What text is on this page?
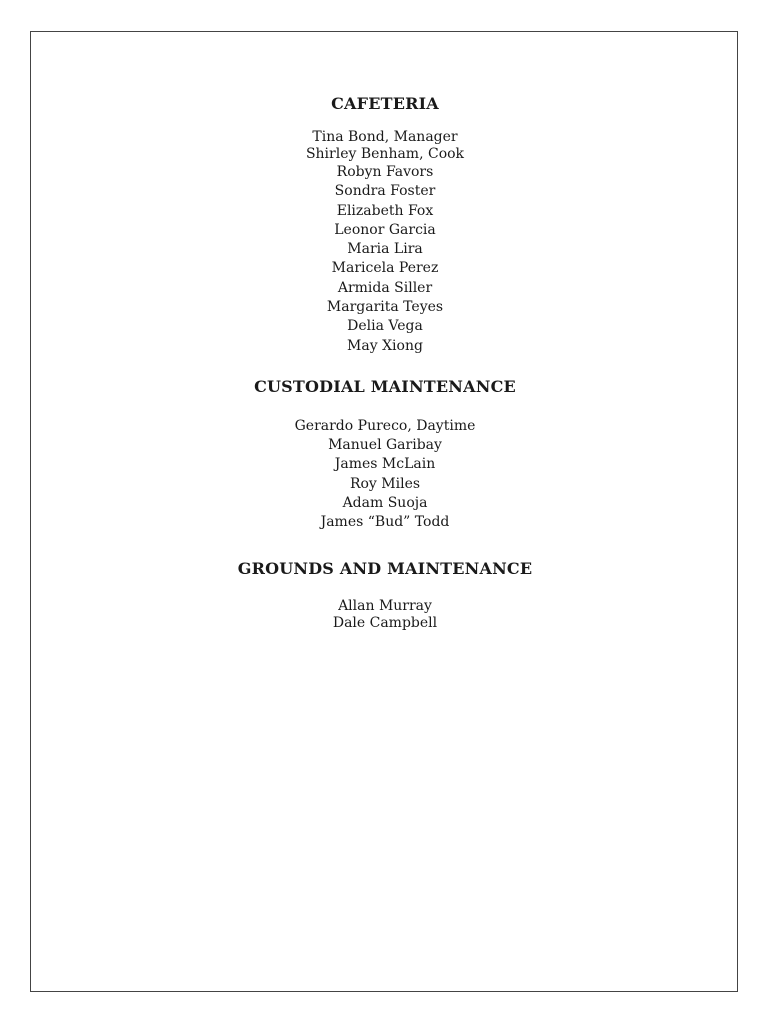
CAFETERIA
Tina Bond, Manager
Shirley Benham, Cook
Robyn Favors
Sondra Foster
Elizabeth Fox
Leonor Garcia
Maria Lira
Maricela Perez
Armida Siller
Margarita Teyes
Delia Vega
May Xiong
CUSTODIAL MAINTENANCE
Gerardo Pureco, Daytime
Manuel Garibay
James McLain
Roy Miles
Adam Suoja
James “Bud” Todd
GROUNDS AND MAINTENANCE
Allan Murray
Dale Campbell
